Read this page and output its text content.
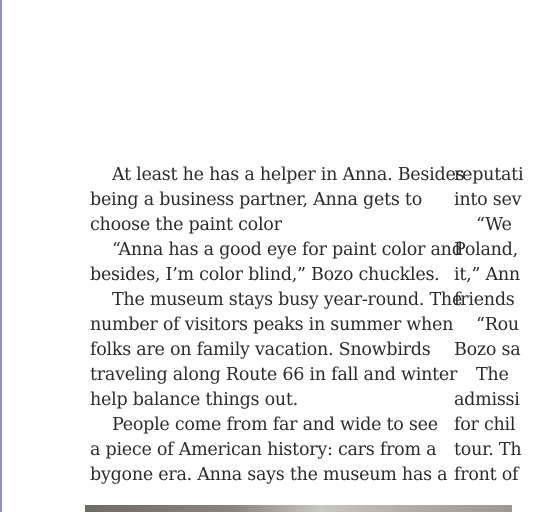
At least he has a helper in Anna. Besides
being a business partner, Anna gets to
choose the paint color
“Anna has a good eye for paint color and
besides, I’m color blind,” Bozo chuckles.
The museum stays busy year-round. The
number of visitors peaks in summer when
folks are on family vacation. Snowbirds
traveling along Route 66 in fall and winter
help balance things out.
People come from far and wide to see
a piece of American history: cars from a
bygone era. Anna says the museum has a
reputati
into sev
“We
Poland,
it,” Ann
friends
“Rou
Bozo sa
The
admissi
for chil
tour. Th
front of
